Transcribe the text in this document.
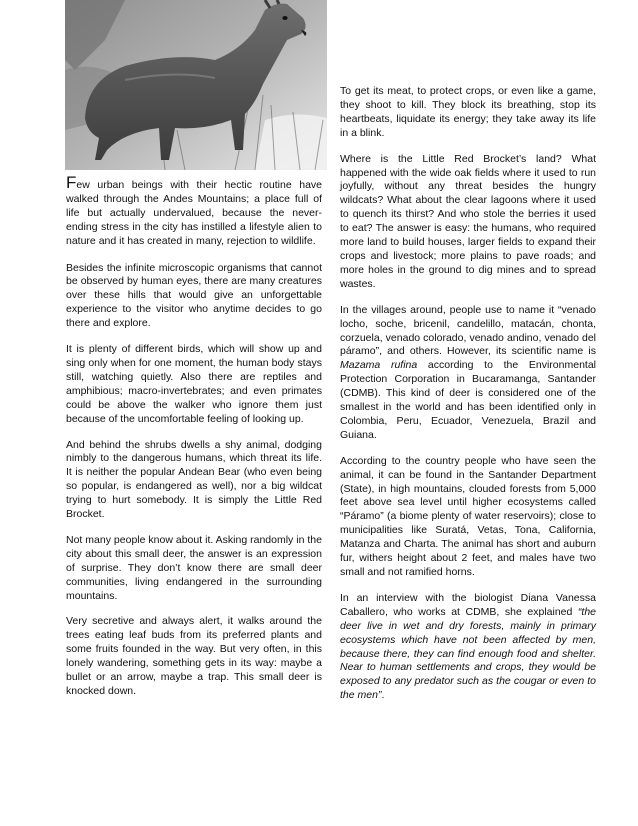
Few urban beings with their hectic routine have walked through the Andes Mountains; a place full of life but actually undervalued, because the never-ending stress in the city has instilled a lifestyle alien to nature and it has created in many, rejection to wildlife.

Besides the infinite microscopic organisms that cannot be observed by human eyes, there are many creatures over these hills that would give an unforgettable experience to the visitor who anytime decides to go there and explore.

It is plenty of different birds, which will show up and sing only when for one moment, the human body stays still, watching quietly. Also there are reptiles and amphibious; macro-invertebrates; and even primates could be above the walker who ignore them just because of the uncomfortable feeling of looking up.

And behind the shrubs dwells a shy animal, dodging nimbly to the dangerous humans, which threat its life. It is neither the popular Andean Bear (who even being so popular, is endangered as well), nor a big wildcat trying to hurt somebody. It is simply the Little Red Brocket.

Not many people know about it. Asking randomly in the city about this small deer, the answer is an expression of surprise. They don’t know there are small deer communities, living endangered in the surrounding mountains.

Very secretive and always alert, it walks around the trees eating leaf buds from its preferred plants and some fruits founded in the way. But very often, in this lonely wandering, something gets in its way: maybe a bullet or an arrow, maybe a trap. This small deer is knocked down.

To get its meat, to protect crops, or even like a game, they shoot to kill. They block its breathing, stop its heartbeats, liquidate its energy; they take away its life in a blink.

Where is the Little Red Brocket’s land? What happened with the wide oak fields where it used to run joyfully, without any threat besides the hungry wildcats? What about the clear lagoons where it used to quench its thirst? And who stole the berries it used to eat? The answer is easy: the humans, who required more land to build houses, larger fields to expand their crops and livestock; more plains to pave roads; and more holes in the ground to dig mines and to spread wastes.

In the villages around, people use to name it “venado locho, soche, bricenil, candelillo, matacán, chonta, corzuela, venado colorado, venado andino, venado del páramo”, and others. However, its scientific name is Mazama rufina according to the Environmental Protection Corporation in Bucaramanga, Santander (CDMB). This kind of deer is considered one of the smallest in the world and has been identified only in Colombia, Peru, Ecuador, Venezuela, Brazil and Guiana.

According to the country people who have seen the animal, it can be found in the Santander Department (State), in high mountains, clouded forests from 5,000 feet above sea level until higher ecosystems called “Páramo” (a biome plenty of water reservoirs); close to municipalities like Suratá, Vetas, Tona, California, Matanza and Charta. The animal has short and auburn fur, withers height about 2 feet, and males have two small and not ramified horns.

In an interview with the biologist Diana Vanessa Caballero, who works at CDMB, she explained “the deer live in wet and dry forests, mainly in primary ecosystems which have not been affected by men, because there, they can find enough food and shelter. Near to human settlements and crops, they would be exposed to any predator such as the cougar or even to the men”.
